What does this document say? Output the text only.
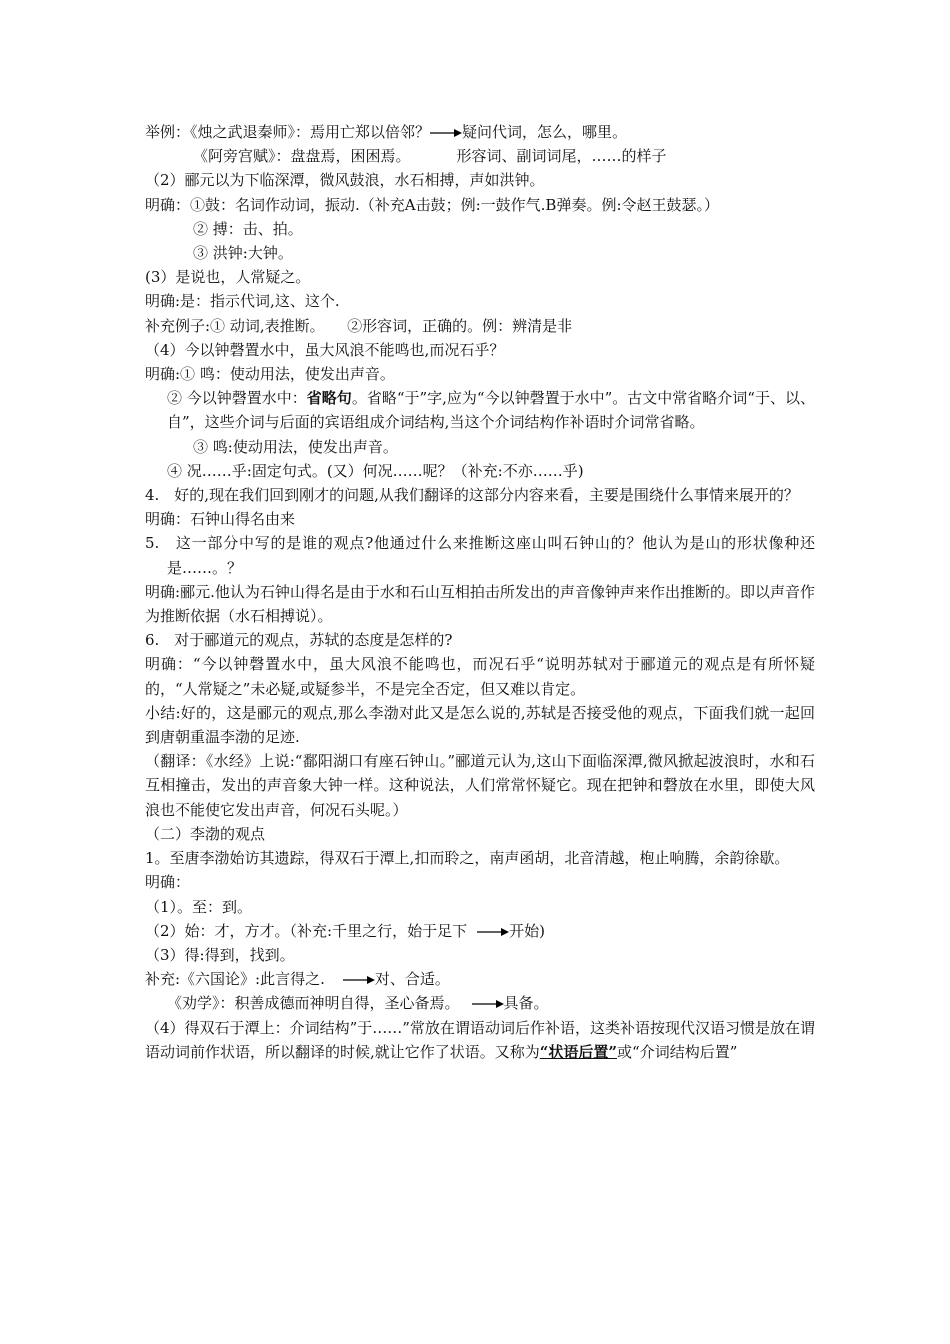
举例：《烛之武退秦师》：焉用亡郑以倍邻？ 疑问代词，怎么，哪里。
《阿旁宫赋》：盘盘焉，困困焉。	形容词、副词词尾，……的样子
（2）郦元以为下临深潭，微风鼓浪，水石相搏，声如洪钟。
明确：①鼓：名词作动词，振动.（补充A击鼓；例:一鼓作气.B弹奏。例:令赵王鼓瑟。）
② 搏：击、拍。
③ 洪钟:大钟。
(3）是说也，人常疑之。
明确:是：指示代词,这、这个.
补充例子:① 动词,表推断。　　②形容词，正确的。例：辨清是非
（4）今以钟磬置水中，虽大风浪不能鸣也,而况石乎？
明确:① 鸣：使动用法，使发出声音。
② 今以钟磬置水中：省略句。省略“于”字,应为“今以钟磬置于水中”。古文中常省略介词“于、以、自”，这些介词与后面的宾语组成介词结构,当这个介词结构作补语时介词常省略。
③ 鸣:使动用法，使发出声音。
④ 况……乎:固定句式。(又）何况……呢？（补充:不亦……乎)
4.　好的,现在我们回到刚才的问题,从我们翻译的这部分内容来看，主要是围绕什么事情来展开的？
明确：石钟山得名由来
5.　这一部分中写的是谁的观点?他通过什么来推断这座山叫石钟山的？他认为是山的形状像种还是……。？
明确:郦元.他认为石钟山得名是由于水和石山互相拍击所发出的声音像钟声来作出推断的。即以声音作为推断依据（水石相搏说）。
6.　对于郦道元的观点，苏轼的态度是怎样的?
明确：“今以钟磬置水中，虽大风浪不能鸣也，而况石乎“说明苏轼对于郦道元的观点是有所怀疑的，“人常疑之”未必疑,或疑参半，不是完全否定，但又难以肯定。
小结:好的，这是郦元的观点,那么李渤对此又是怎么说的,苏轼是否接受他的观点，下面我们就一起回到唐朝重温李渤的足迹.
（翻译：《水经》上说:“鄱阳湖口有座石钟山。”郦道元认为,这山下面临深潭,微风掀起波浪时，水和石互相撞击，发出的声音象大钟一样。这种说法，人们常常怀疑它。现在把钟和磬放在水里，即使大风浪也不能使它发出声音，何况石头呢。）
（二）李渤的观点
1。至唐李渤始访其遗踪，得双石于潭上,扣而聆之，南声函胡，北音清越，枹止响腾，余韵徐歇。
明确：
（1）。至：到。
（2）始：才，方才。（补充:千里之行，始于足下	开始)
（3）得:得到，找到。
补充:《六国论》:此言得之.	对、合适。
《劝学》：积善成德而神明自得，圣心备焉。	具备。
（4）得双石于潭上：介词结构”于……”常放在谓语动词后作补语，这类补语按现代汉语习惯是放在谓语动词前作状语，所以翻译的时候,就让它作了状语。又称为“状语后置”或“介词结构后置”
